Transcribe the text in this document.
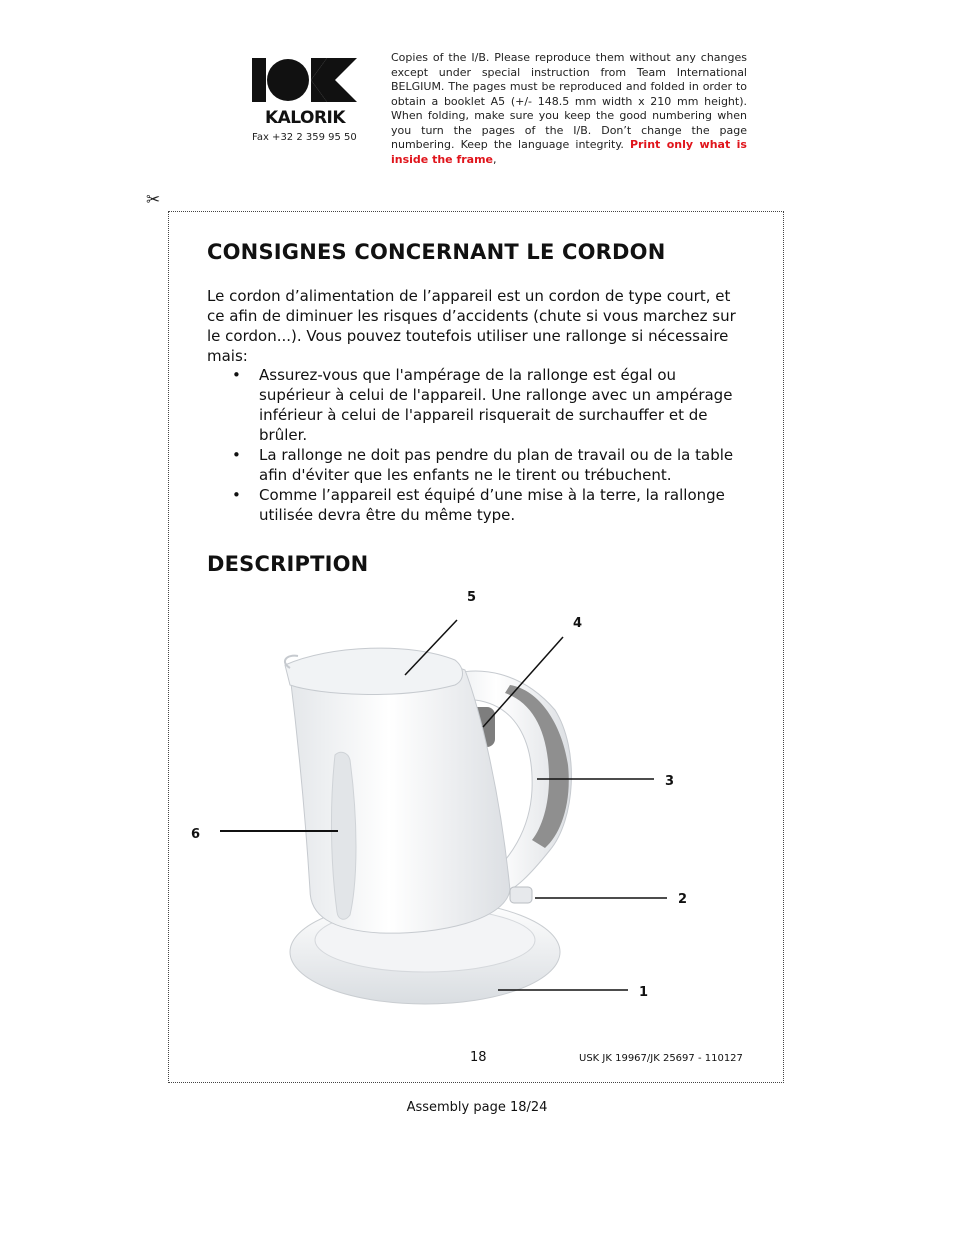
KALORIK
Fax +32 2 359 95 50
Copies of the I/B. Please reproduce them without any changes except under special instruction from Team International BELGIUM. The pages must be reproduced and folded in order to obtain a booklet A5 (+/- 148.5 mm width x 210 mm height). When folding, make sure you keep the good numbering when you turn the pages of the I/B. Don’t change the page numbering. Keep the language integrity. Print only what is inside the frame,
✂
CONSIGNES CONCERNANT LE CORDON

Le cordon d’alimentation de l’appareil est un cordon de type court, et ce afin de diminuer les risques d’accidents (chute si vous marchez sur le cordon...). Vous pouvez toutefois utiliser une rallonge si nécessaire mais:

• Assurez-vous que l'ampérage de la rallonge est égal ou supérieur à celui de l'appareil. Une rallonge avec un ampérage inférieur à celui de l'appareil risquerait de surchauffer et de brûler.
• La rallonge ne doit pas pendre du plan de travail ou de la table afin d'éviter que les enfants ne le tirent ou trébuchent.
• Comme l’appareil est équipé d’une mise à la terre, la rallonge utilisée devra être du même type.
DESCRIPTION
5
4
3
6
2
1
18	USK JK 19967/JK 25697 - 110127
Assembly page 18/24
